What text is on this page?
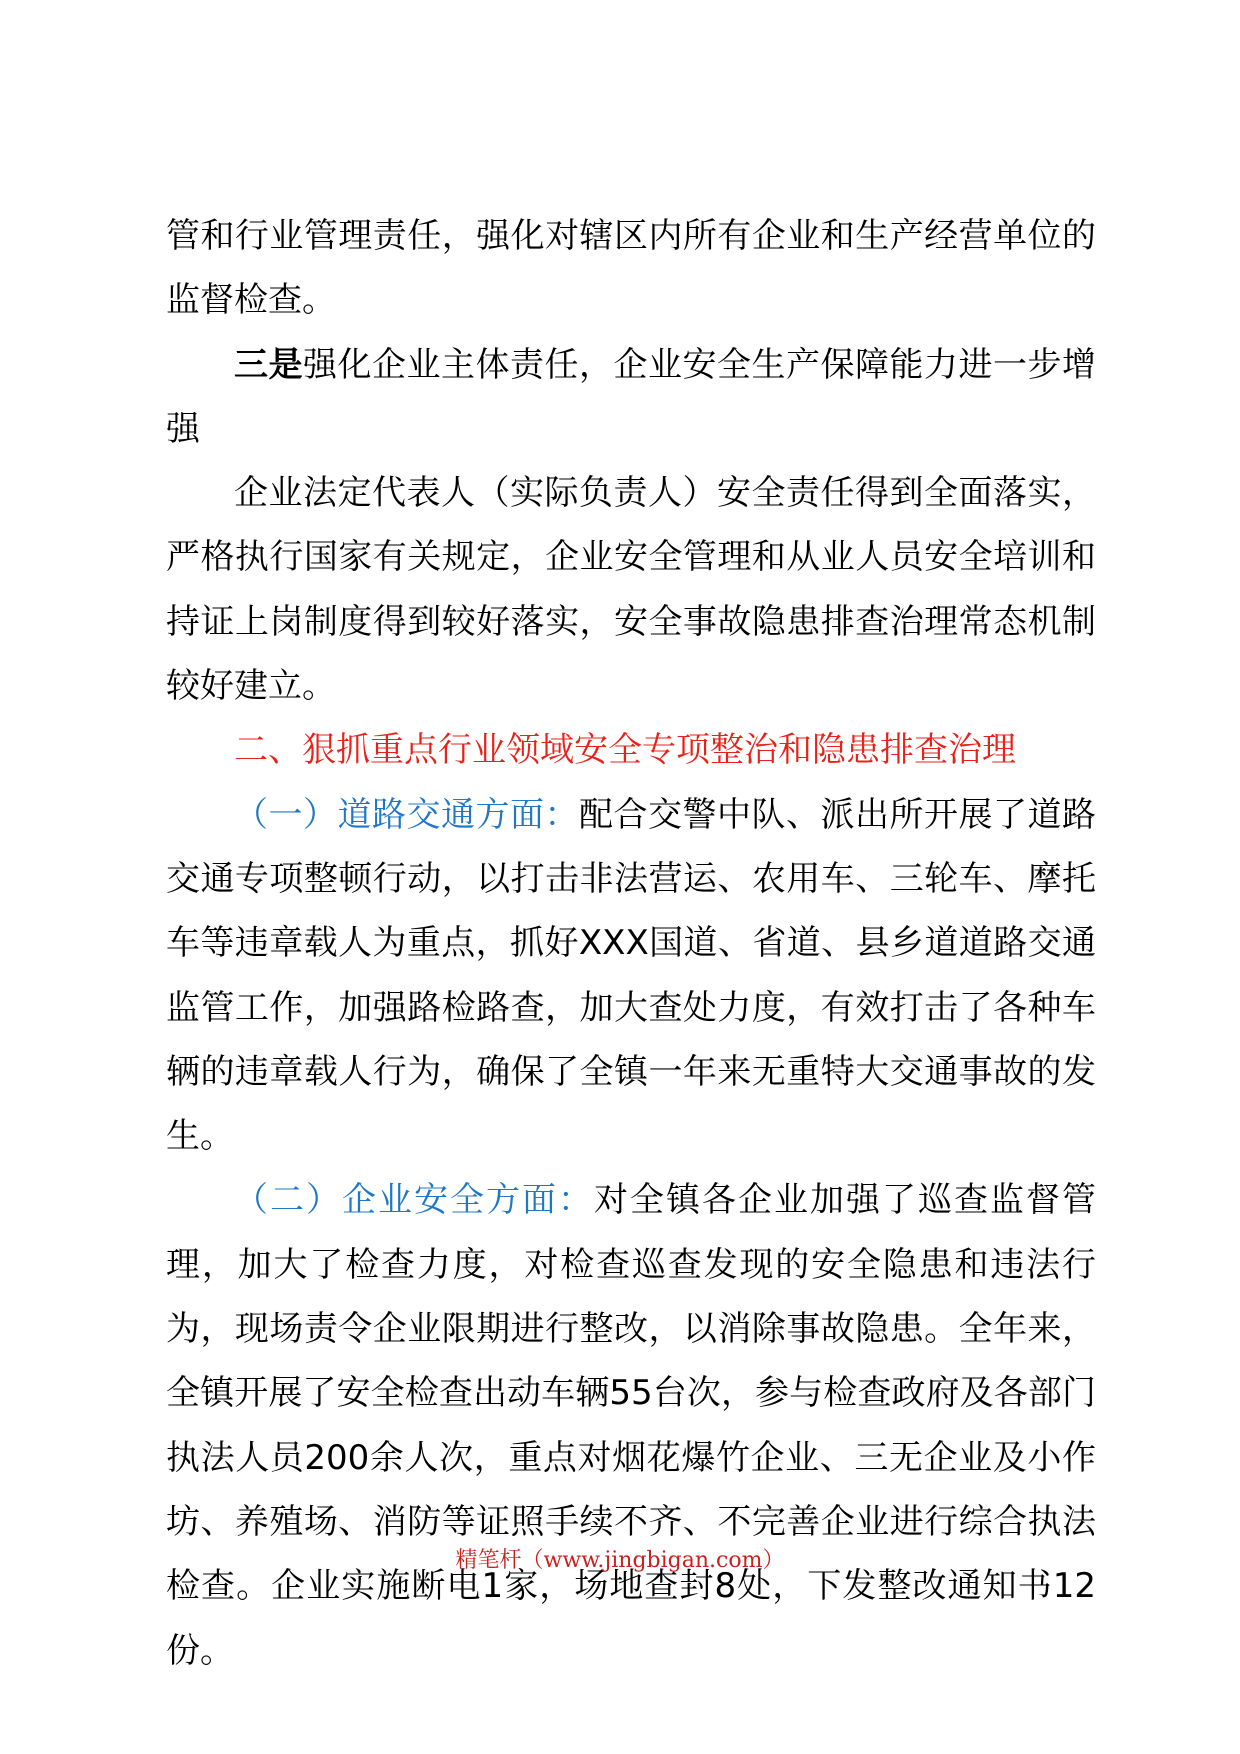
管和行业管理责任，强化对辖区内所有企业和生产经营单位的监督检查。

三是强化企业主体责任，企业安全生产保障能力进一步增强

企业法定代表人（实际负责人）安全责任得到全面落实，严格执行国家有关规定，企业安全管理和从业人员安全培训和持证上岗制度得到较好落实，安全事故隐患排查治理常态机制较好建立。

二、狠抓重点行业领域安全专项整治和隐患排查治理

（一）道路交通方面：配合交警中队、派出所开展了道路交通专项整顿行动，以打击非法营运、农用车、三轮车、摩托车等违章载人为重点，抓好XXX国道、省道、县乡道道路交通监管工作，加强路检路查，加大查处力度，有效打击了各种车辆的违章载人行为，确保了全镇一年来无重特大交通事故的发生。

（二）企业安全方面：对全镇各企业加强了巡查监督管理，加大了检查力度，对检查巡查发现的安全隐患和违法行为，现场责令企业限期进行整改，以消除事故隐患。全年来，全镇开展了安全检查出动车辆55台次，参与检查政府及各部门执法人员200余人次，重点对烟花爆竹企业、三无企业及小作坊、养殖场、消防等证照手续不齐、不完善企业进行综合执法检查。企业实施断电1家，场地查封8处，下发整改通知书12份。

精笔杆（www.jingbigan.com）
